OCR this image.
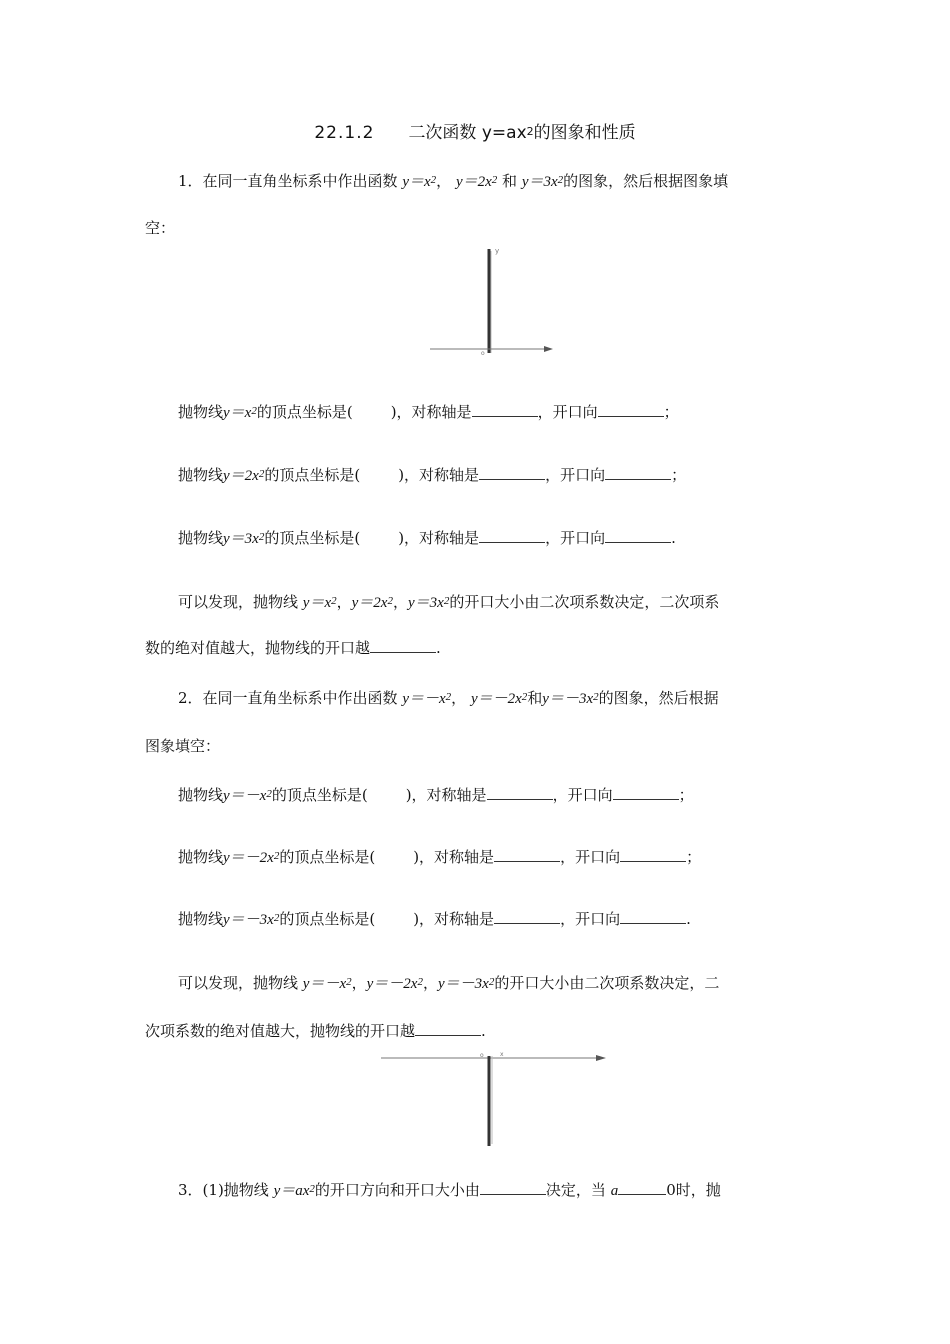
22.1.2 二次函数 $y=ax^2$的图象和性质
1．在同一直角坐标系中作出函数 $y=x^2$， $y=2x^2$ 和 $y=3x^2$的图象，然后根据图象填
空：
y
o
抛物线$y=x^2$的顶点坐标是(	)，对称轴是	，开口向	；
抛物线$y=2x^2$的顶点坐标是(	)，对称轴是	，开口向	；
抛物线$y=3x^2$的顶点坐标是(	)，对称轴是	，开口向	.
可以发现，抛物线 $y=x^2$，$y=2x^2$，$y=3x^2$的开口大小由二次项系数决定，二次项系
数的绝对值越大，抛物线的开口越	.
2．在同一直角坐标系中作出函数 $y=-x^2$， $y=-2x^2$和$y=-3x^2$的图象，然后根据
图象填空：
抛物线$y=-x^2$的顶点坐标是(	)，对称轴是	，开口向	；
抛物线$y=-2x^2$的顶点坐标是(	)，对称轴是	，开口向	；
抛物线$y=-3x^2$的顶点坐标是(	)，对称轴是	，开口向	.
可以发现，抛物线 $y=-x^2$，$y=-2x^2$，$y=-3x^2$的开口大小由二次项系数决定，二
次项系数的绝对值越大，抛物线的开口越	.
o	x
3．(1)抛物线 $y=ax^2$的开口方向和开口大小由	决定，当 a	0时，抛
